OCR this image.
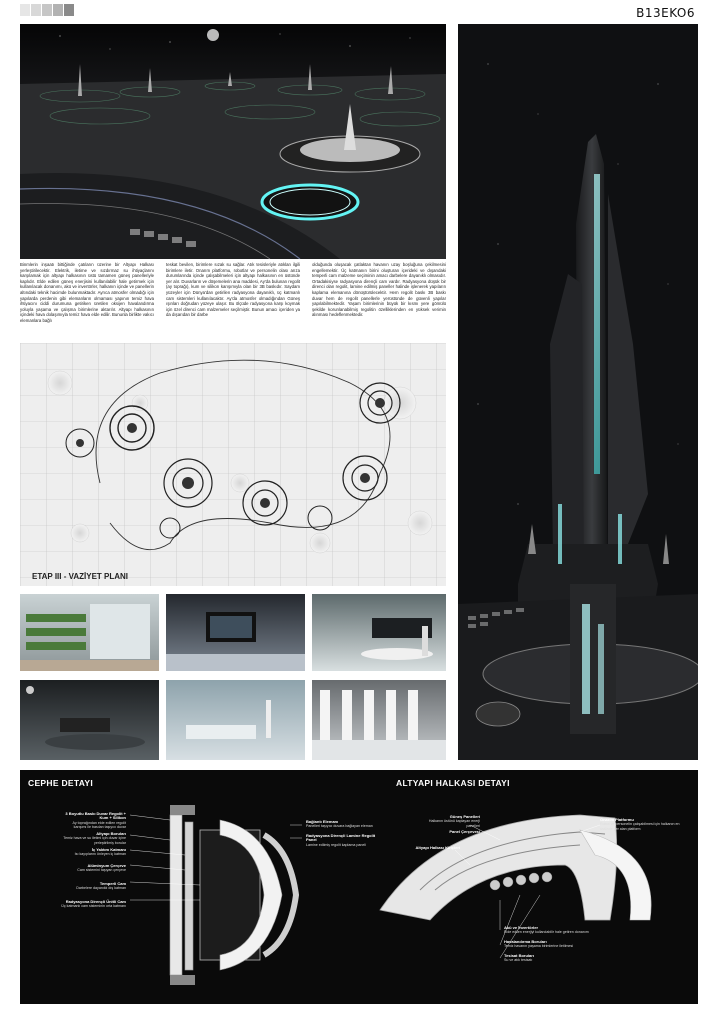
B13EKO6
Binmlerin inşaatı bittiğinde çatıların üzerine bir Altyapı Halkası yerleştirilecektir. Elektrik, iletime ve sızdırmaz su ihtiyaçlarını karşılamak için altyapı halkasının üstü tamamen güneş panelleriyle kaplıdır. Elde edilen güneş enerjisini kullanılabilir hale getirmek için kullanılacak donanımı, akü ve invertörler, halkanın içinde ve panellerin altındaki teknik hacimde bulunmaktadır. Ayrıca atmosfer olmadığı için yapılarda perdenin gibi elemanların olmaması yapının temiz hava ihtiyacını ciddi durumuna getiriken üretilen oksijen havalandırma yoluyla yaşama ve çalışma birimlerine aktarılır. Altyapı halkasının içindeki hava dolaşımıyla temiz hava elde edilir. Bununla birlikte vakıcı elemanlara bağlı
teskat bevilen, birimlere sızak su sağlar. Atık tesisleriyle atıklan ilgili birimlere iletir. Onarım platformu, robotlar ve personelin olası arıza durumlarında içinde çalışabilmeleri için altyapı halkasının en üstünde yer alır. Duvarların ve döşemelerin ana maddesi, Ay'da bulunan regolit (ay toprağı), kum ve silikon karışımıyla olan bir 3B baskıdır. Saydam yüzeyler için Dünya'dan getirilen radyasyona dayanıklı, üç katmanlı cam sistemleri kullanılacaktır. Ay'da atmosfer olmadığından Güneş ışınları doğrudan yüzeye ulaşır. Bu ölçüde radyasyona karşı koymak için özel direnci cam malzemeler seçilmiştir. Bunun amacı içeriden ya da dışarıdan bir darbe
olduğunda oluşacak çatlaktan havanın uzay boşluğuna çekilmesini engellemektir. Üç katmanın birini oluşturan içerideki ve dışarıdaki temperli cam malzeme seçiminin amacı darbelere dayanıklı olmasıdır. Ortadakisiyse radyasyona dirençli cam vardır. Radyasyona düşük bir direnci olan regolit, lamine edilmiş paneller halinde işlenerek yapıların kaplama elemanına dönüştürülecektir. Hem regolit baskı 3B baskı duvar hem de regolit panellerle yerüstünde de güvenli yapılar yapılabilmektedir. Yaşam birimlerinin büyük bir kısmı yere gömülü şekilde korunlanabilmiş regolitin özelliklerinden en yüksek verimin alınması hedeflenmektedir.
ETAP III - VAZİYET PLANI
CEPHE DETAYI	ALTYAPI HALKASI DETAYI
3 Boyutlu Baskı Duvar Regolit + Kum + Silikon
Ay toprağından elde edilen regolit karışımı ile basılan taşıyıcı duvar
Altyapı Boruları
Temiz hava ve su iletimi için duvar içine yerleştirilmiş borular
İç Yalıtım Katmanı
Isı kayıplarını önleyen iç katman
Alüminyum Çerçeve
Cam sistemini taşıyan çerçeve
Temperli Cam
Darbelere dayanıklı dış katman
Radyasyona Dirençli Ünitli Cam
Üç katmanlı cam sisteminin orta katmanı
Bağlantı Elemanı
Panelleri taşıyıcı duvara bağlayan eleman
Radyasyona Dirençli Lamine Regolit Panel
Lamine edilmiş regolit kaplama paneli
Güneş Panelleri
Halkanın üstünü kaplayan enerji panelleri
Onarım Platformu
Robot ve personelin çalışabilmesi için halkanın en üstünde yer alan platform
Panel Çerçevesi
Altyapı Halkası Kiriçleri
Akü ve İnvertörler
Elde edilen enerjiyi kullanılabilir hale getiren donanım
Havalandırma Boruları
Temiz havanın yaşama birimlerine iletilmesi
Tesisat Boruları
Su ve atık tesisatı
